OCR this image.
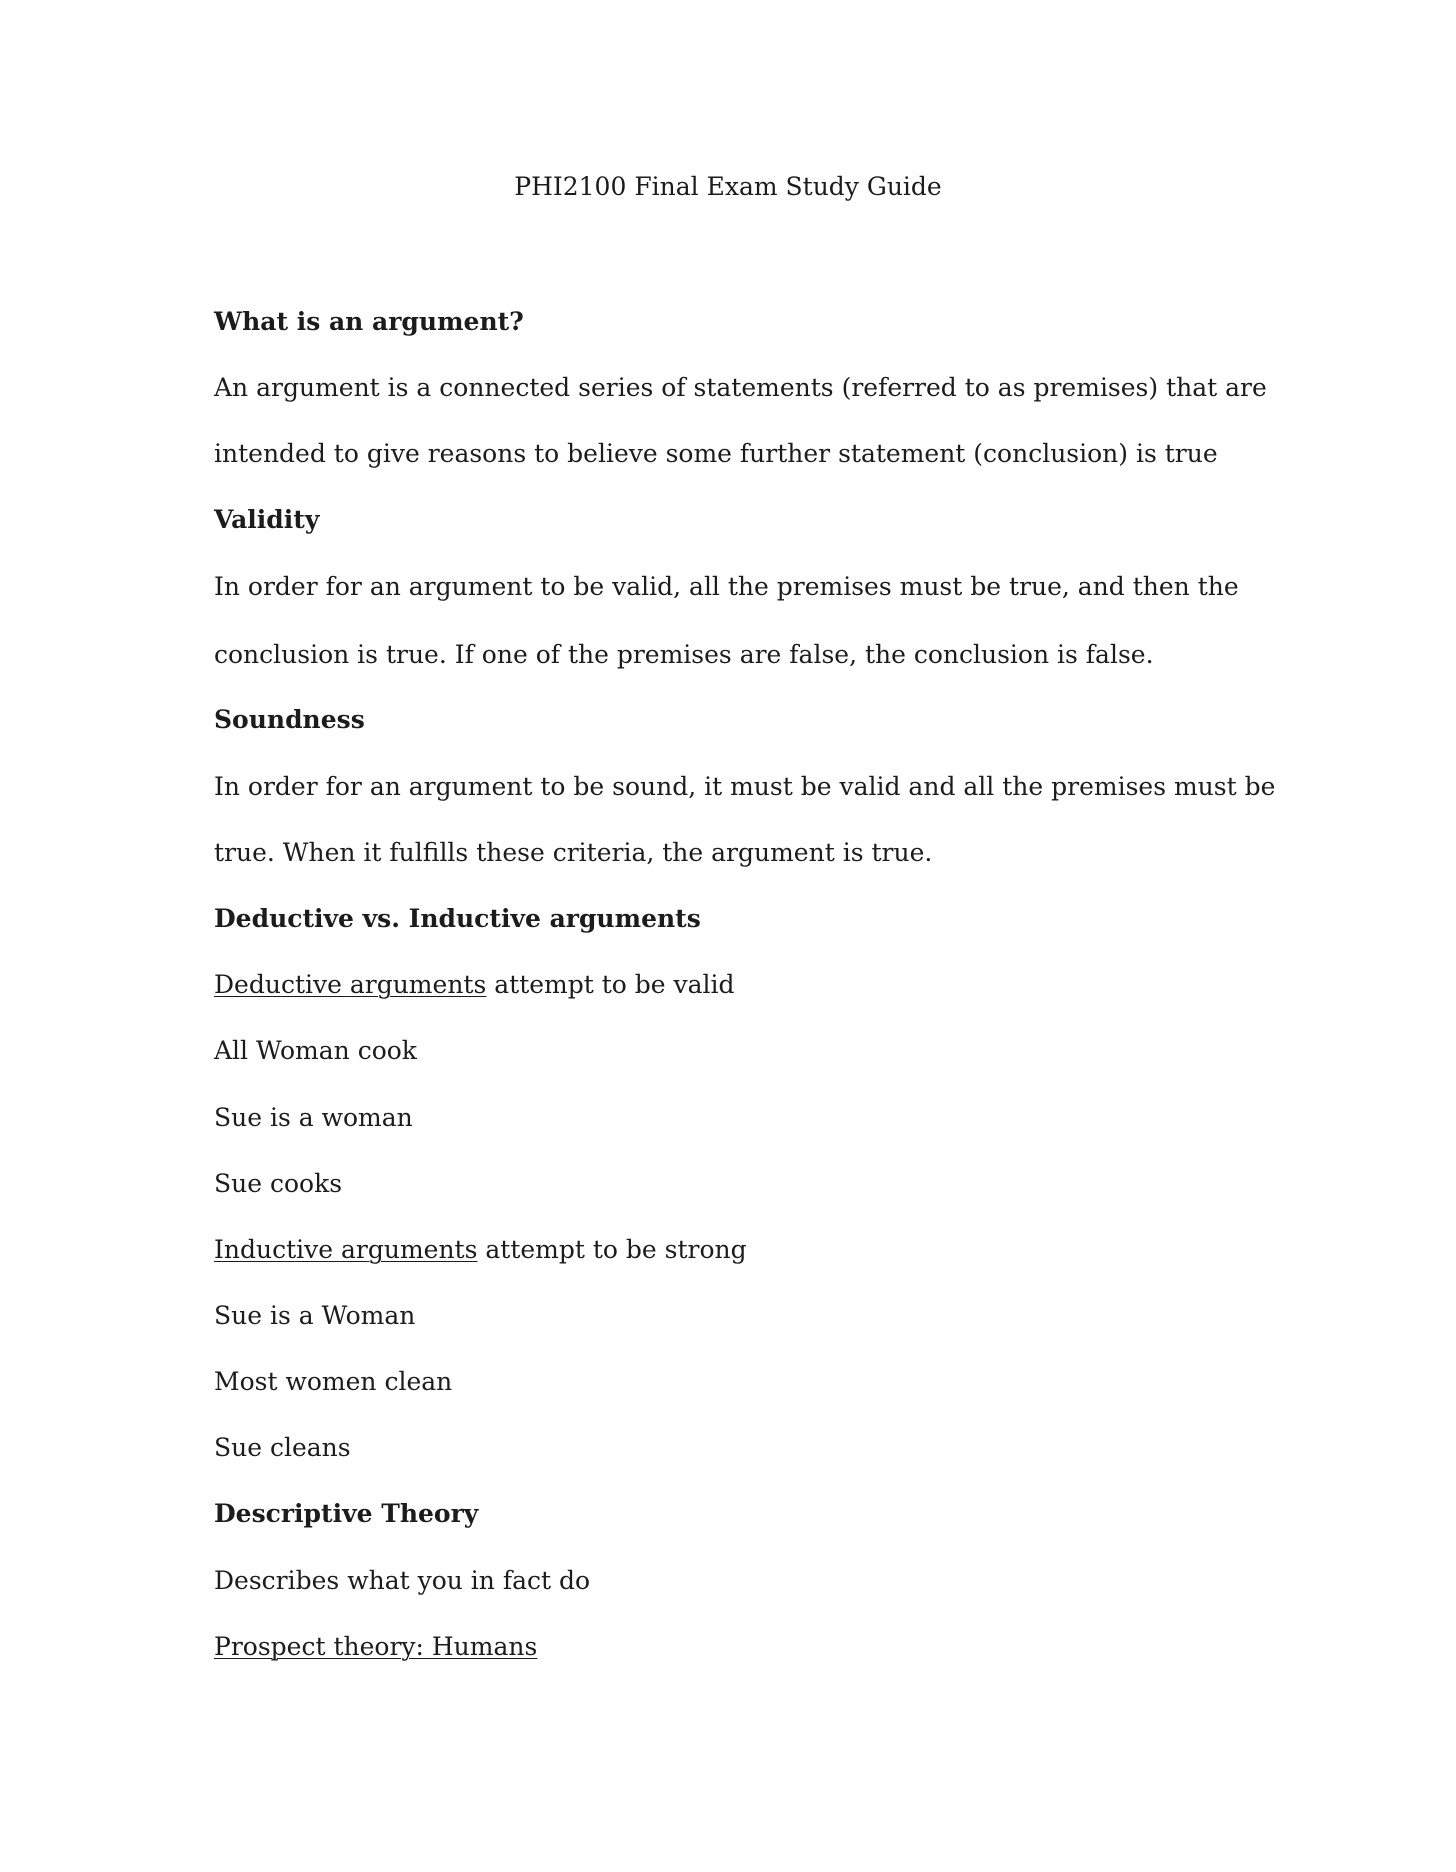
PHI2100 Final Exam Study Guide

What is an argument?

An argument is a connected series of statements (referred to as premises) that are

intended to give reasons to believe some further statement (conclusion) is true

Validity

In order for an argument to be valid, all the premises must be true, and then the

conclusion is true. If one of the premises are false, the conclusion is false.

Soundness

In order for an argument to be sound, it must be valid and all the premises must be

true. When it fulfills these criteria, the argument is true.

Deductive vs. Inductive arguments

Deductive arguments attempt to be valid

All Woman cook

Sue is a woman

Sue cooks

Inductive arguments attempt to be strong

Sue is a Woman

Most women clean

Sue cleans

Descriptive Theory

Describes what you in fact do

Prospect theory: Humans
